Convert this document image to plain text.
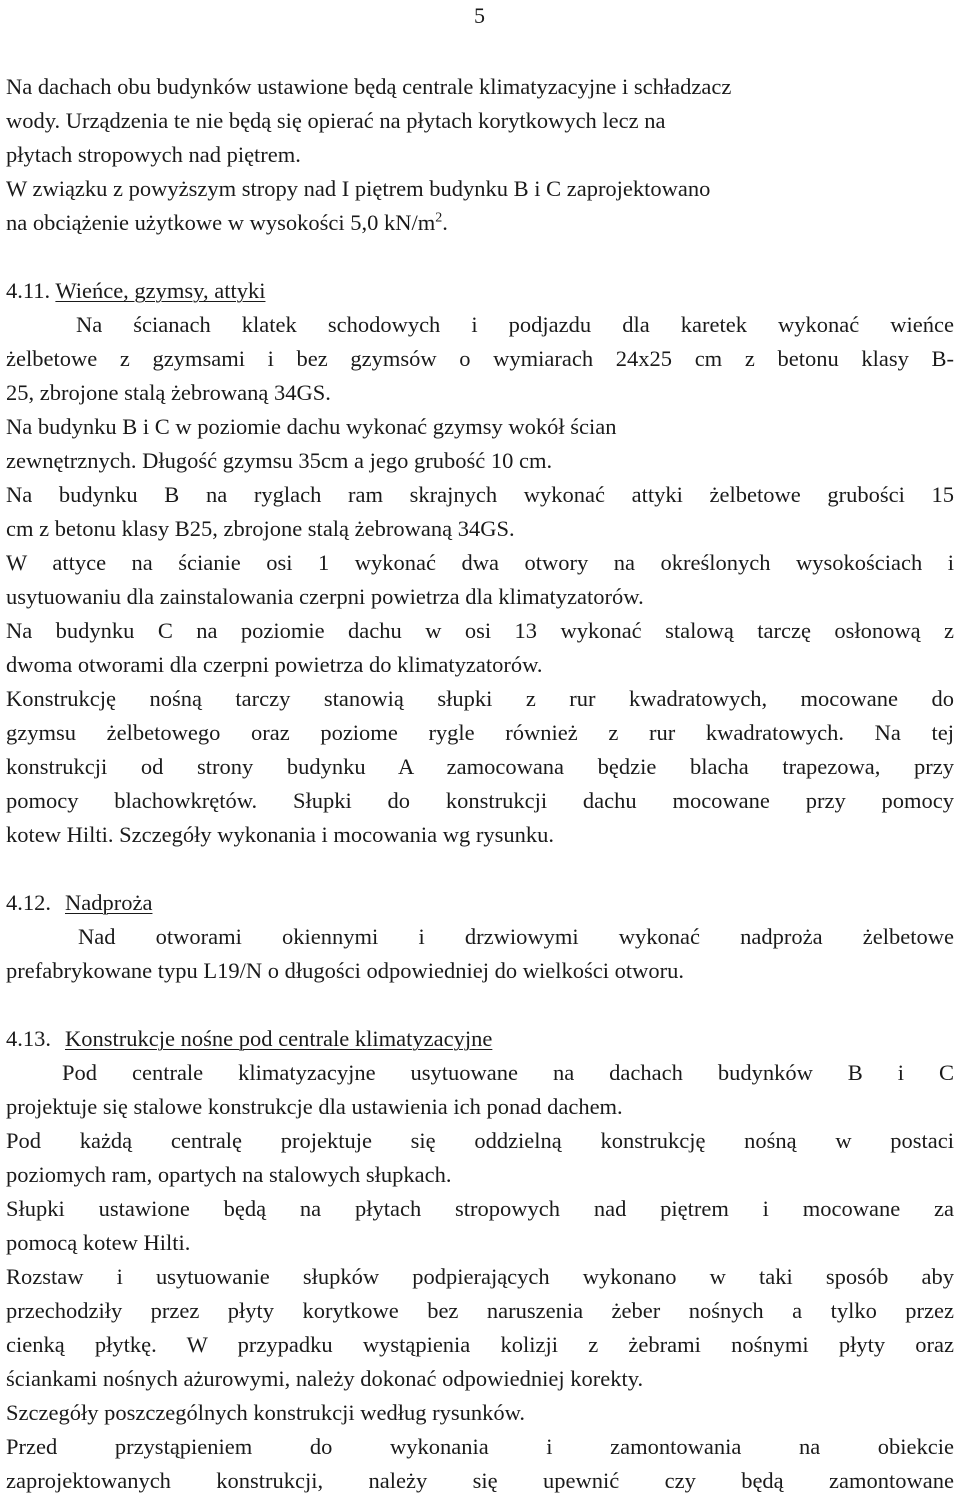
5

Na dachach obu budynków ustawione będą centrale klimatyzacyjne i schładzacz

wody. Urządzenia te nie będą się opierać na płytach korytkowych lecz na

płytach stropowych nad piętrem.

W związku z powyższym stropy nad I piętrem budynku B i C zaprojektowano

na obciążenie użytkowe w wysokości 5,0 $kN/m^2$.

4.11. Wieńce, gzymsy, attyki

Na ścianach klatek schodowych i podjazdu dla karetek wykonać wieńce

żelbetowe z gzymsami i bez gzymsów o wymiarach 24x25 cm z betonu klasy B-

25, zbrojone stalą żebrowaną 34GS.

Na budynku B i C w poziomie dachu wykonać gzymsy wokół ścian

zewnętrznych. Długość gzymsu 35cm a jego grubość 10 cm.

Na budynku B na ryglach ram skrajnych wykonać attyki żelbetowe grubości 15

cm z betonu klasy B25, zbrojone stalą żebrowaną 34GS.

W attyce na ścianie osi 1 wykonać dwa otwory na określonych wysokościach i

usytuowaniu dla zainstalowania czerpni powietrza dla klimatyzatorów.

Na budynku C na poziomie dachu w osi 13 wykonać stalową tarczę osłonową z

dwoma otworami dla czerpni powietrza do klimatyzatorów.

Konstrukcję nośną tarczy stanowią słupki z rur kwadratowych, mocowane do

gzymsu żelbetowego oraz poziome rygle również z rur kwadratowych. Na tej

konstrukcji od strony budynku A zamocowana będzie blacha trapezowa, przy

pomocy blachowkrętów. Słupki do konstrukcji dachu mocowane przy pomocy

kotew Hilti. Szczegóły wykonania i mocowania wg rysunku.

4.12. Nadproża

Nad otworami okiennymi i drzwiowymi wykonać nadproża żelbetowe

prefabrykowane typu L19/N o długości odpowiedniej do wielkości otworu.

4.13. Konstrukcje nośne pod centrale klimatyzacyjne

Pod centrale klimatyzacyjne usytuowane na dachach budynków B i C

projektuje się stalowe konstrukcje dla ustawienia ich ponad dachem.

Pod każdą centralę projektuje się oddzielną konstrukcję nośną w postaci

poziomych ram, opartych na stalowych słupkach.

Słupki ustawione będą na płytach stropowych nad piętrem i mocowane za

pomocą kotew Hilti.

Rozstaw i usytuowanie słupków podpierających wykonano w taki sposób aby

przechodziły przez płyty korytkowe bez naruszenia żeber nośnych a tylko przez

cienką płytkę. W przypadku wystąpienia kolizji z żebrami nośnymi płyty oraz

ściankami nośnych ażurowymi, należy dokonać odpowiedniej korekty.

Szczegóły poszczególnych konstrukcji według rysunków.

Przed przystąpieniem do wykonania i zamontowania na obiekcie

zaprojektowanych konstrukcji, należy się upewnić czy będą zamontowane
